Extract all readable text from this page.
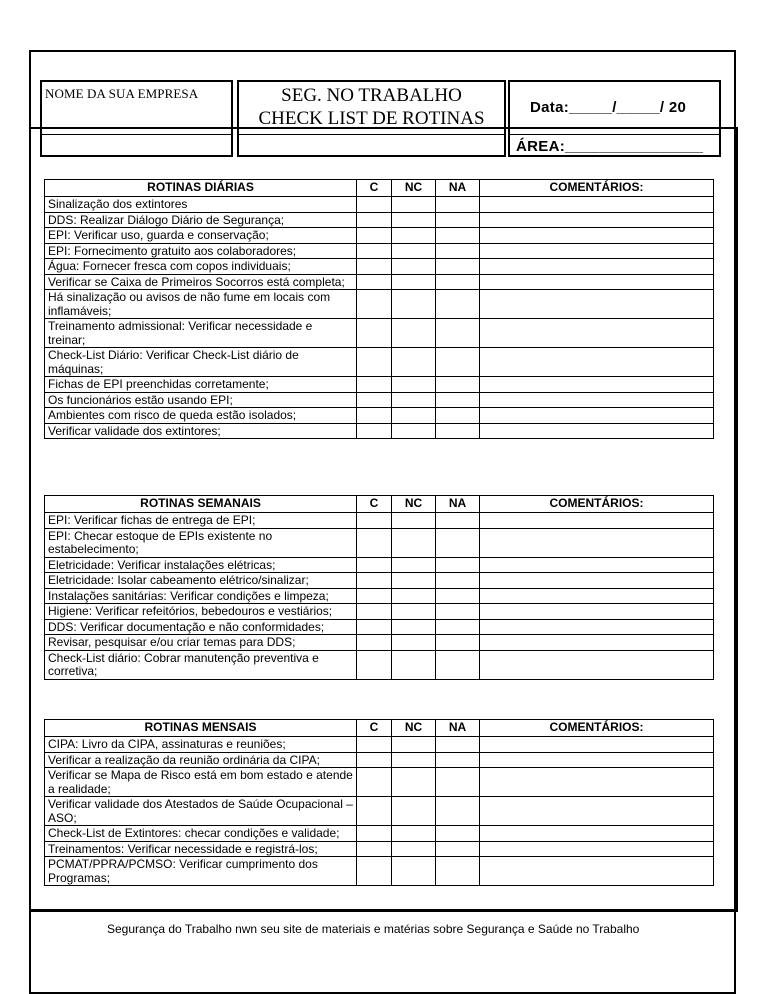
NOME DA SUA EMPRESA	SEG. NO TRABALHO
CHECK LIST DE ROTINAS
Data:_____/_____/ 20
ÁREA:________________
ROTINAS DIÁRIAS	C	NC	NA	COMENTÁRIOS:
Sinalização dos extintores				
DDS: Realizar Diálogo Diário de Segurança;				
EPI: Verificar uso, guarda e conservação;				
EPI: Fornecimento gratuito aos colaboradores;				
Água: Fornecer fresca com copos individuais;				
Verificar se Caixa de Primeiros Socorros está completa;				
Há sinalização ou avisos de não fume em locais com inflamáveis;				
Treinamento admissional: Verificar necessidade e treinar;				
Check-List Diário: Verificar Check-List diário de máquinas;				
Fichas de EPI preenchidas corretamente;				
Os funcionários estão usando EPI;				
Ambientes com risco de queda estão isolados;				
Verificar validade dos extintores;				
ROTINAS SEMANAIS	C	NC	NA	COMENTÁRIOS:
EPI: Verificar fichas de entrega de EPI;				
EPI: Checar estoque de EPIs existente no estabelecimento;				
Eletricidade: Verificar instalações elétricas;				
Eletricidade: Isolar cabeamento elétrico/sinalizar;				
Instalações sanitárias: Verificar condições e limpeza;				
Higiene: Verificar refeitórios, bebedouros e vestiários;				
DDS: Verificar documentação e não conformidades;				
Revisar, pesquisar e/ou criar temas para DDS;				
Check-List diário: Cobrar manutenção preventiva e corretiva;				
ROTINAS MENSAIS	C	NC	NA	COMENTÁRIOS:
CIPA: Livro da CIPA, assinaturas e reuniões;				
Verificar a realização da reunião ordinária da CIPA;				
Verificar se Mapa de Risco está em bom estado e atende a realidade;				
Verificar validade dos Atestados de Saúde Ocupacional – ASO;				
Check-List de Extintores: checar condições e validade;				
Treinamentos: Verificar necessidade e registrá-los;				
PCMAT/PPRA/PCMSO: Verificar cumprimento dos Programas;				
Segurança do Trabalho nwn seu site de materiais e matérias sobre Segurança e Saúde no Trabalho
